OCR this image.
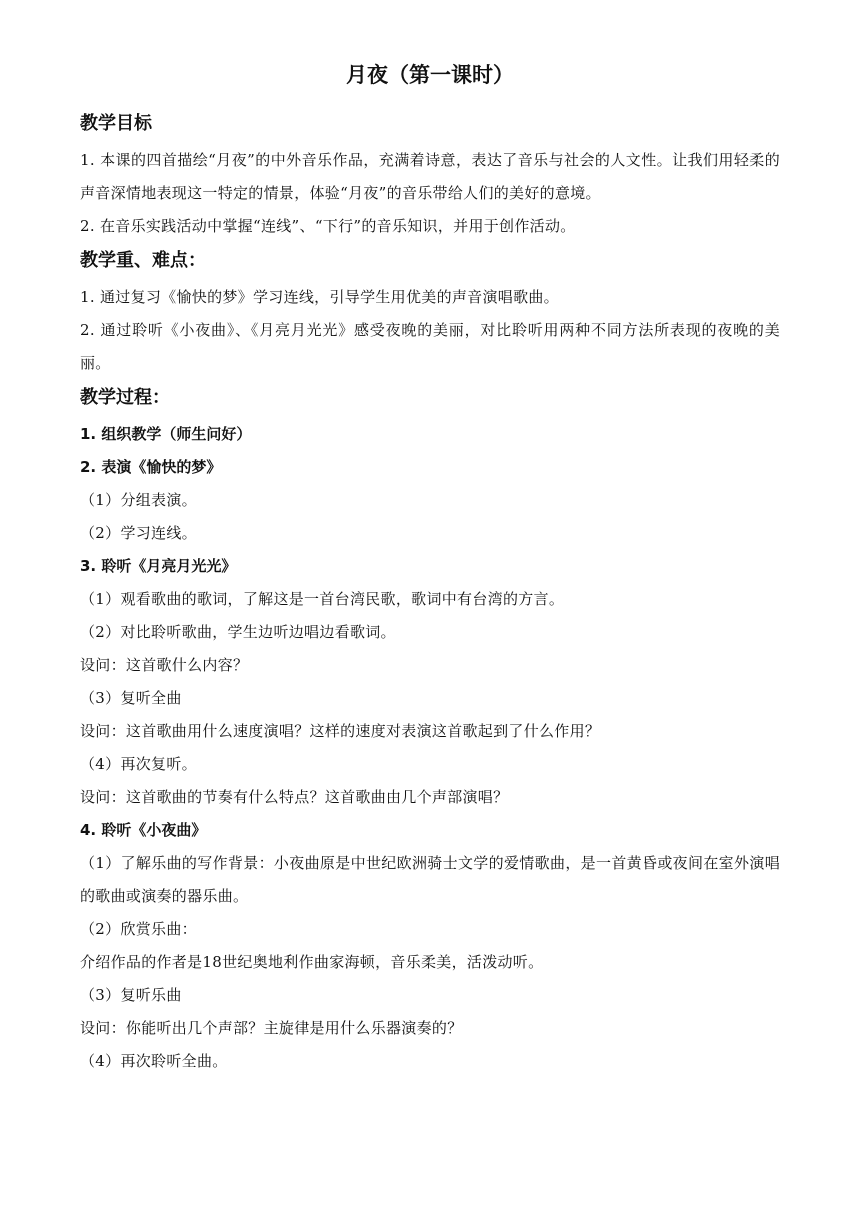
月夜（第一课时）
教学目标

1. 本课的四首描绘“月夜”的中外音乐作品，充满着诗意，表达了音乐与社会的人文性。让我们用轻柔的声音深情地表现这一特定的情景，体验“月夜”的音乐带给人们的美好的意境。

2. 在音乐实践活动中掌握“连线”、“下行”的音乐知识，并用于创作活动。

教学重、难点：

1. 通过复习《愉快的梦》学习连线，引导学生用优美的声音演唱歌曲。

2. 通过聆听《小夜曲》、《月亮月光光》感受夜晚的美丽，对比聆听用两种不同方法所表现的夜晚的美丽。

教学过程：

1. 组织教学（师生问好）

2. 表演《愉快的梦》

（1）分组表演。

（2）学习连线。

3. 聆听《月亮月光光》

（1）观看歌曲的歌词，了解这是一首台湾民歌，歌词中有台湾的方言。

（2）对比聆听歌曲，学生边听边唱边看歌词。

设问：这首歌什么内容？

（3）复听全曲

设问：这首歌曲用什么速度演唱？这样的速度对表演这首歌起到了什么作用？

（4）再次复听。

设问：这首歌曲的节奏有什么特点？这首歌曲由几个声部演唱？

4. 聆听《小夜曲》

（1）了解乐曲的写作背景：小夜曲原是中世纪欧洲骑士文学的爱情歌曲，是一首黄昏或夜间在室外演唱的歌曲或演奏的器乐曲。

（2）欣赏乐曲：

介绍作品的作者是18世纪奥地利作曲家海顿，音乐柔美，活泼动听。

（3）复听乐曲

设问：你能听出几个声部？主旋律是用什么乐器演奏的？

（4）再次聆听全曲。
